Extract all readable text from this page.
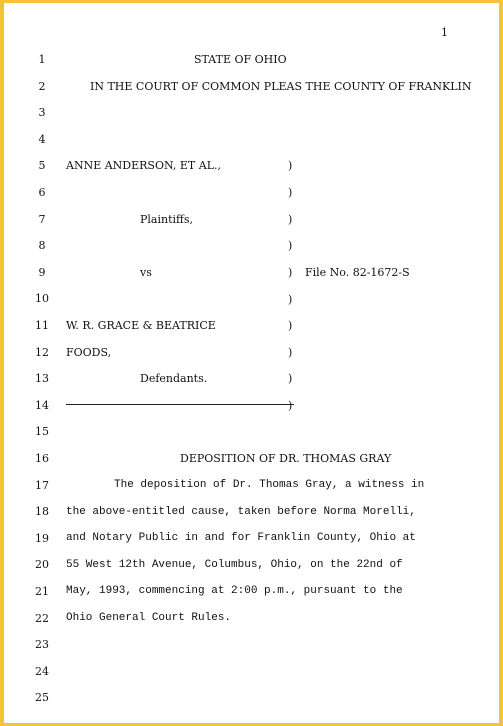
1
1
2
3
4
5
6
7
8
9
10
11
12
13
14
15
16
17
18
19
20
21
22
23
24
25
STATE OF OHIO
IN THE COURT OF COMMON PLEAS THE COUNTY OF FRANKLIN
ANNE ANDERSON, ET AL.,
Plaintiffs,
vs	File No. 82-1672-S
W. R. GRACE & BEATRICE
FOODS,
Defendants.
)
)
)
)
)
)
)
)
)
)
DEPOSITION OF DR. THOMAS GRAY
The deposition of Dr. Thomas Gray, a witness in
the above-entitled cause, taken before Norma Morelli,
and Notary Public in and for Franklin County, Ohio at
55 West 12th Avenue, Columbus, Ohio, on the 22nd of
May, 1993, commencing at 2:00 p.m., pursuant to the
Ohio General Court Rules.
